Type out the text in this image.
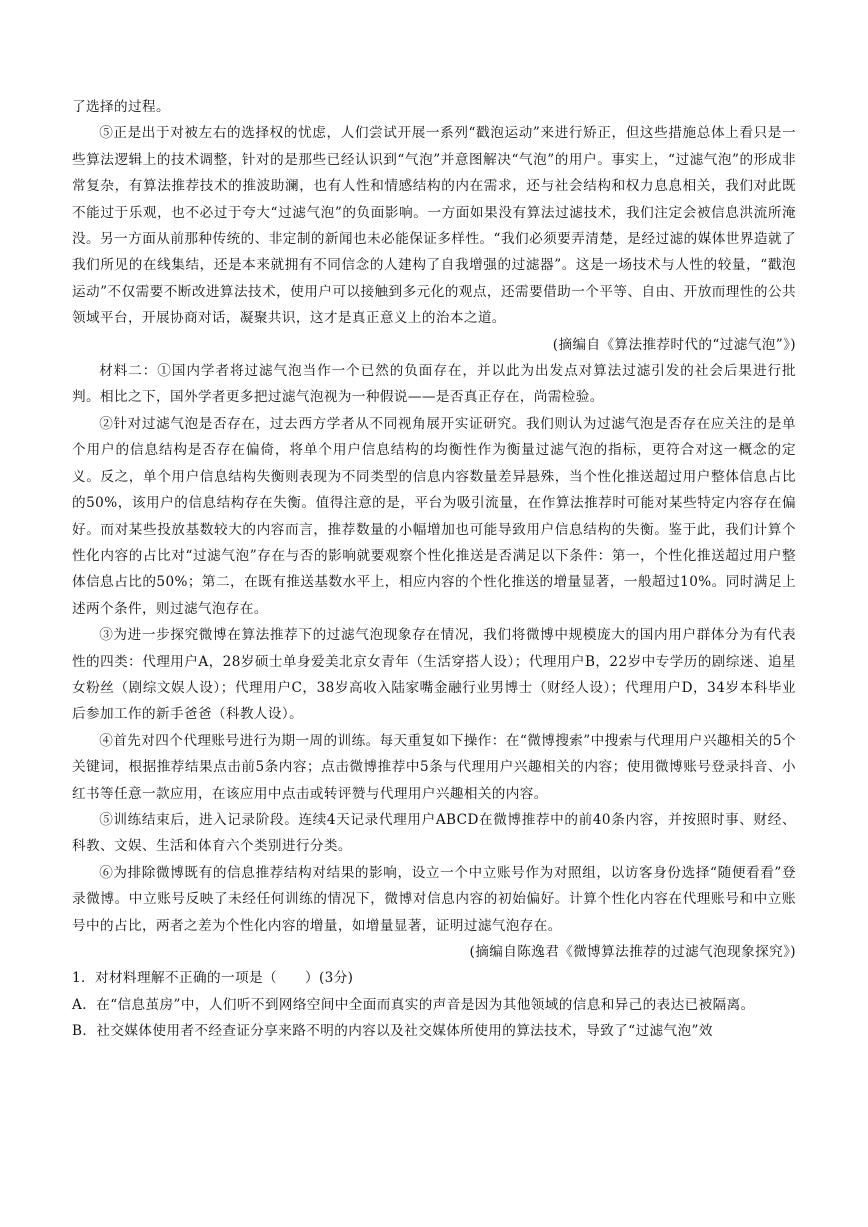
了选择的过程。

⑤正是出于对被左右的选择权的忧虑，人们尝试开展一系列“戳泡运动”来进行矫正，但这些措施总体上看只是一些算法逻辑上的技术调整，针对的是那些已经认识到“气泡”并意图解决“气泡”的用户。事实上，“过滤气泡”的形成非常复杂，有算法推荐技术的推波助澜，也有人性和情感结构的内在需求，还与社会结构和权力息息相关，我们对此既不能过于乐观，也不必过于夸大“过滤气泡”的负面影响。一方面如果没有算法过滤技术，我们注定会被信息洪流所淹没。另一方面从前那种传统的、非定制的新闻也未必能保证多样性。“我们必须要弄清楚，是经过滤的媒体世界造就了我们所见的在线集结，还是本来就拥有不同信念的人建构了自我增强的过滤器”。这是一场技术与人性的较量，“戳泡运动”不仅需要不断改进算法技术，使用户可以接触到多元化的观点，还需要借助一个平等、自由、开放而理性的公共领域平台，开展协商对话，凝聚共识，这才是真正意义上的治本之道。

(摘编自《算法推荐时代的“过滤气泡”》)

材料二：①国内学者将过滤气泡当作一个已然的负面存在，并以此为出发点对算法过滤引发的社会后果进行批判。相比之下，国外学者更多把过滤气泡视为一种假说——是否真正存在，尚需检验。

②针对过滤气泡是否存在，过去西方学者从不同视角展开实证研究。我们则认为过滤气泡是否存在应关注的是单个用户的信息结构是否存在偏倚，将单个用户信息结构的均衡性作为衡量过滤气泡的指标，更符合对这一概念的定义。反之，单个用户信息结构失衡则表现为不同类型的信息内容数量差异悬殊，当个性化推送超过用户整体信息占比的50%，该用户的信息结构存在失衡。值得注意的是，平台为吸引流量，在作算法推荐时可能对某些特定内容存在偏好。而对某些投放基数较大的内容而言，推荐数量的小幅增加也可能导致用户信息结构的失衡。鉴于此，我们计算个性化内容的占比对“过滤气泡”存在与否的影响就要观察个性化推送是否满足以下条件：第一，个性化推送超过用户整体信息占比的50%；第二，在既有推送基数水平上，相应内容的个性化推送的增量显著，一般超过10%。同时满足上述两个条件，则过滤气泡存在。

③为进一步探究微博在算法推荐下的过滤气泡现象存在情况，我们将微博中规模庞大的国内用户群体分为有代表性的四类：代理用户A，28岁硕士单身爱美北京女青年（生活穿搭人设）；代理用户B，22岁中专学历的剧综迷、追星女粉丝（剧综文娱人设）；代理用户C，38岁高收入陆家嘴金融行业男博士（财经人设）；代理用户D，34岁本科毕业后参加工作的新手爸爸（科教人设）。

④首先对四个代理账号进行为期一周的训练。每天重复如下操作：在“微博搜索”中搜索与代理用户兴趣相关的5个关键词，根据推荐结果点击前5条内容；点击微博推荐中5条与代理用户兴趣相关的内容；使用微博账号登录抖音、小红书等任意一款应用，在该应用中点击或转评赞与代理用户兴趣相关的内容。

⑤训练结束后，进入记录阶段。连续4天记录代理用户ABCD在微博推荐中的前40条内容，并按照时事、财经、科教、文娱、生活和体育六个类别进行分类。

⑥为排除微博既有的信息推荐结构对结果的影响，设立一个中立账号作为对照组，以访客身份选择“随便看看”登录微博。中立账号反映了未经任何训练的情况下，微博对信息内容的初始偏好。计算个性化内容在代理账号和中立账号中的占比，两者之差为个性化内容的增量，如增量显著，证明过滤气泡存在。

(摘编自陈逸君《微博算法推荐的过滤气泡现象探究》)

1．对材料理解不正确的一项是（　　）(3分)

A．在“信息茧房”中，人们听不到网络空间中全面而真实的声音是因为其他领域的信息和异己的表达已被隔离。

B．社交媒体使用者不经查证分享来路不明的内容以及社交媒体所使用的算法技术，导致了“过滤气泡”效
